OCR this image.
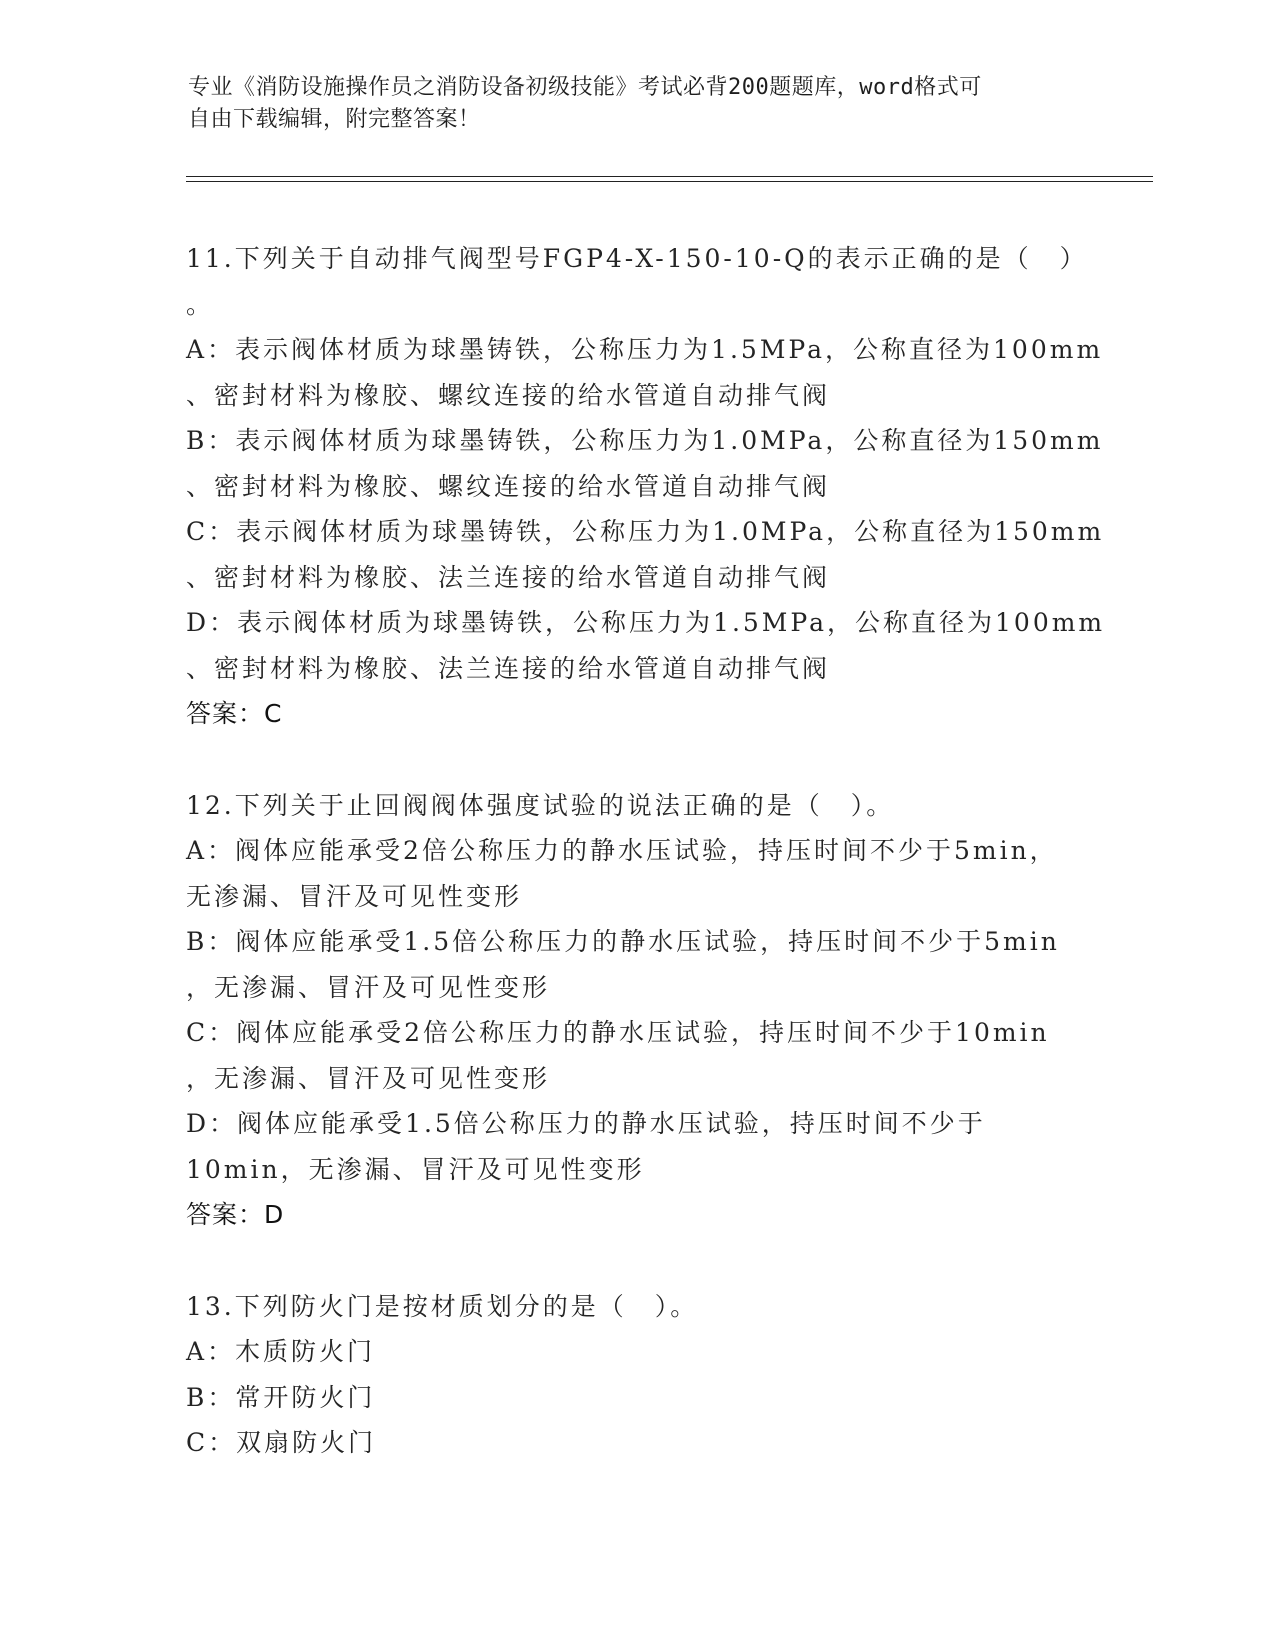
专业《消防设施操作员之消防设备初级技能》考试必背200题题库，word格式可
自由下载编辑，附完整答案！
11.下列关于自动排气阀型号FGP4-X-150-10-Q的表示正确的是（　）
。
A：表示阀体材质为球墨铸铁，公称压力为1.5MPa，公称直径为100mm
、密封材料为橡胶、螺纹连接的给水管道自动排气阀
B：表示阀体材质为球墨铸铁，公称压力为1.0MPa，公称直径为150mm
、密封材料为橡胶、螺纹连接的给水管道自动排气阀
C：表示阀体材质为球墨铸铁，公称压力为1.0MPa，公称直径为150mm
、密封材料为橡胶、法兰连接的给水管道自动排气阀
D：表示阀体材质为球墨铸铁，公称压力为1.5MPa，公称直径为100mm
、密封材料为橡胶、法兰连接的给水管道自动排气阀
答案：C
12.下列关于止回阀阀体强度试验的说法正确的是（　）。
A：阀体应能承受2倍公称压力的静水压试验，持压时间不少于5min，
无渗漏、冒汗及可见性变形
B：阀体应能承受1.5倍公称压力的静水压试验，持压时间不少于5min
，无渗漏、冒汗及可见性变形
C：阀体应能承受2倍公称压力的静水压试验，持压时间不少于10min
，无渗漏、冒汗及可见性变形
D：阀体应能承受1.5倍公称压力的静水压试验，持压时间不少于
10min，无渗漏、冒汗及可见性变形
答案：D
13.下列防火门是按材质划分的是（　）。
A：木质防火门
B：常开防火门
C：双扇防火门
